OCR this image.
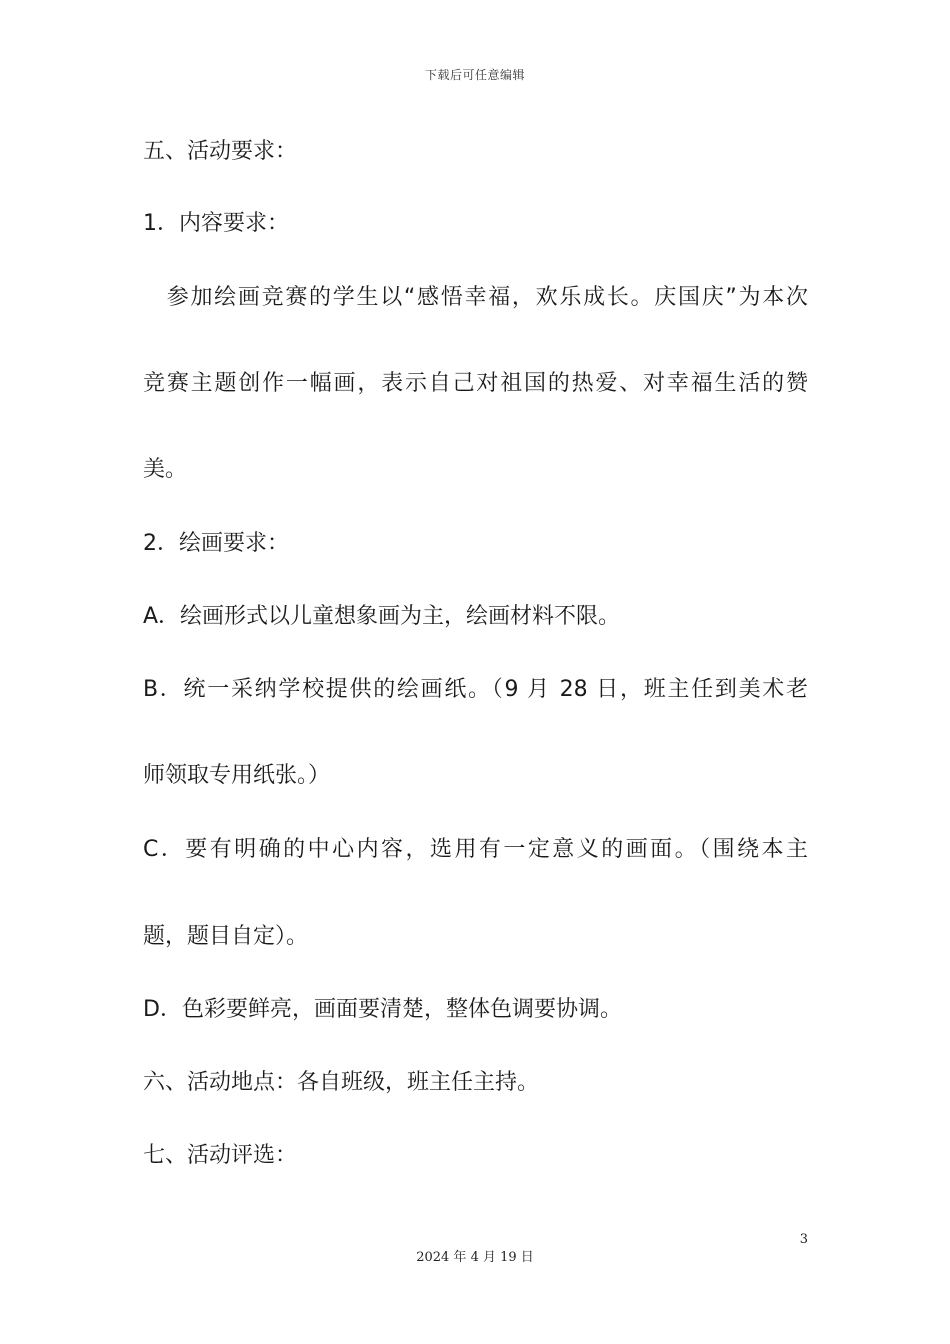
下载后可任意编辑
五、活动要求：
1．内容要求：
　参加绘画竞赛的学生以“感悟幸福，欢乐成长。庆国庆”为本次
竞赛主题创作一幅画，表示自己对祖国的热爱、对幸福生活的赞
美。
2．绘画要求：
A．绘画形式以儿童想象画为主，绘画材料不限。
B．统一采纳学校提供的绘画纸。（9 月 28 日，班主任到美术老
师领取专用纸张。）
C．要有明确的中心内容，选用有一定意义的画面。（围绕本主
题，题目自定）。
D．色彩要鲜亮，画面要清楚，整体色调要协调。
六、活动地点：各自班级，班主任主持。
七、活动评选：
3
2024 年 4 月 19 日
